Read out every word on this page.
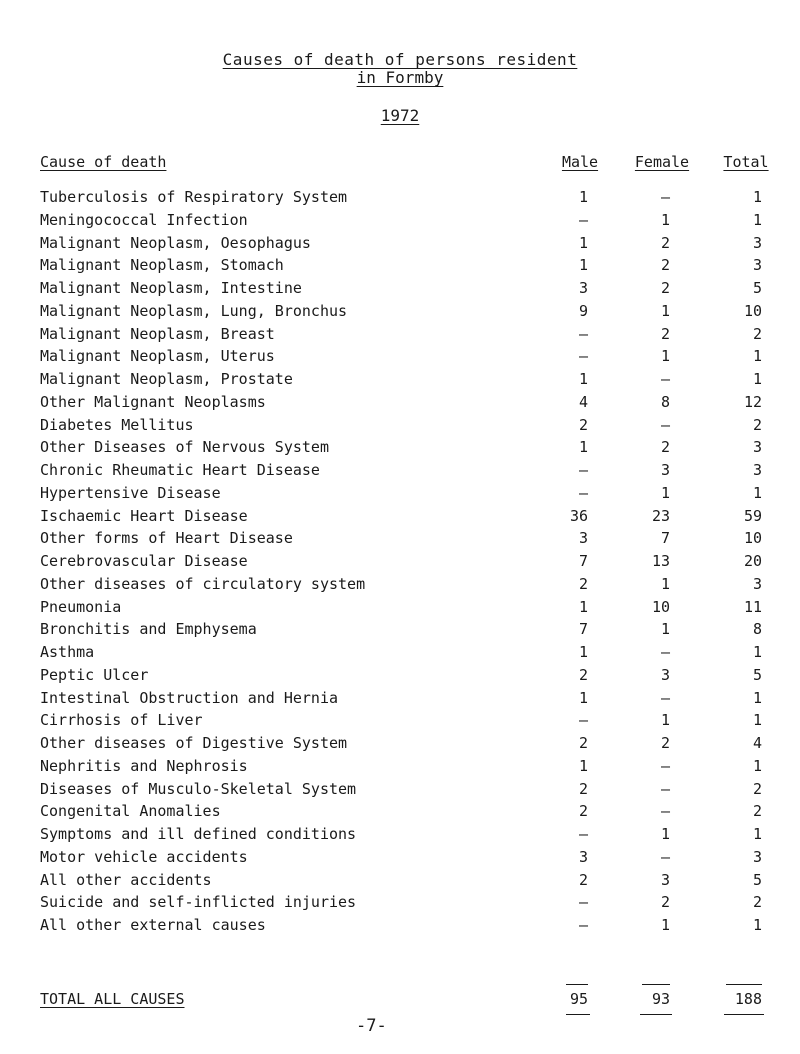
Causes of death of persons resident
in Formby
1972
Cause of death	Male	Female	Total
Tuberculosis of Respiratory System	1	–	1
Meningococcal Infection	–	1	1
Malignant Neoplasm, Oesophagus	1	2	3
Malignant Neoplasm, Stomach	1	2	3
Malignant Neoplasm, Intestine	3	2	5
Malignant Neoplasm, Lung, Bronchus	9	1	10
Malignant Neoplasm, Breast	–	2	2
Malignant Neoplasm, Uterus	–	1	1
Malignant Neoplasm, Prostate	1	–	1
Other Malignant Neoplasms	4	8	12
Diabetes Mellitus	2	–	2
Other Diseases of Nervous System	1	2	3
Chronic Rheumatic Heart Disease	–	3	3
Hypertensive Disease	–	1	1
Ischaemic Heart Disease	36	23	59
Other forms of Heart Disease	3	7	10
Cerebrovascular Disease	7	13	20
Other diseases of circulatory system	2	1	3
Pneumonia	1	10	11
Bronchitis and Emphysema	7	1	8
Asthma	1	–	1
Peptic Ulcer	2	3	5
Intestinal Obstruction and Hernia	1	–	1
Cirrhosis of Liver	–	1	1
Other diseases of Digestive System	2	2	4
Nephritis and Nephrosis	1	–	1
Diseases of Musculo-Skeletal System	2	–	2
Congenital Anomalies	2	–	2
Symptoms and ill defined conditions	–	1	1
Motor vehicle accidents	3	–	3
All other accidents	2	3	5
Suicide and self-inflicted injuries	–	2	2
All other external causes	–	1	1
TOTAL ALL CAUSES	95	93	188
-7-
